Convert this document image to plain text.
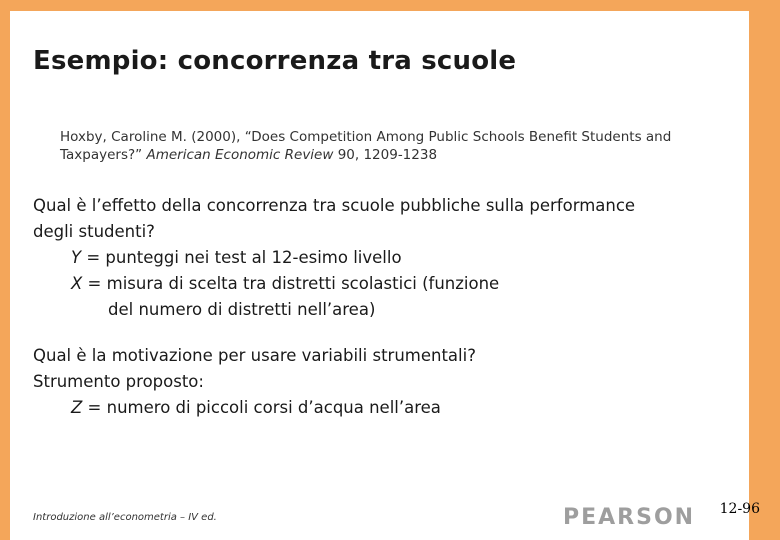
Esempio: concorrenza tra scuole
Hoxby, Caroline M. (2000), “Does Competition Among Public Schools Benefit Students and
Taxpayers?” American Economic Review 90, 1209-1238
Qual è l’effetto della concorrenza tra scuole pubbliche sulla performance
degli studenti?
Y = punteggi nei test al 12-esimo livello
X = misura di scelta tra distretti scolastici (funzione
del numero di distretti nell’area)
Qual è la motivazione per usare variabili strumentali?
Strumento proposto:
Z = numero di piccoli corsi d’acqua nell’area
Introduzione all’econometria – IV ed.	PEARSON 12-96
